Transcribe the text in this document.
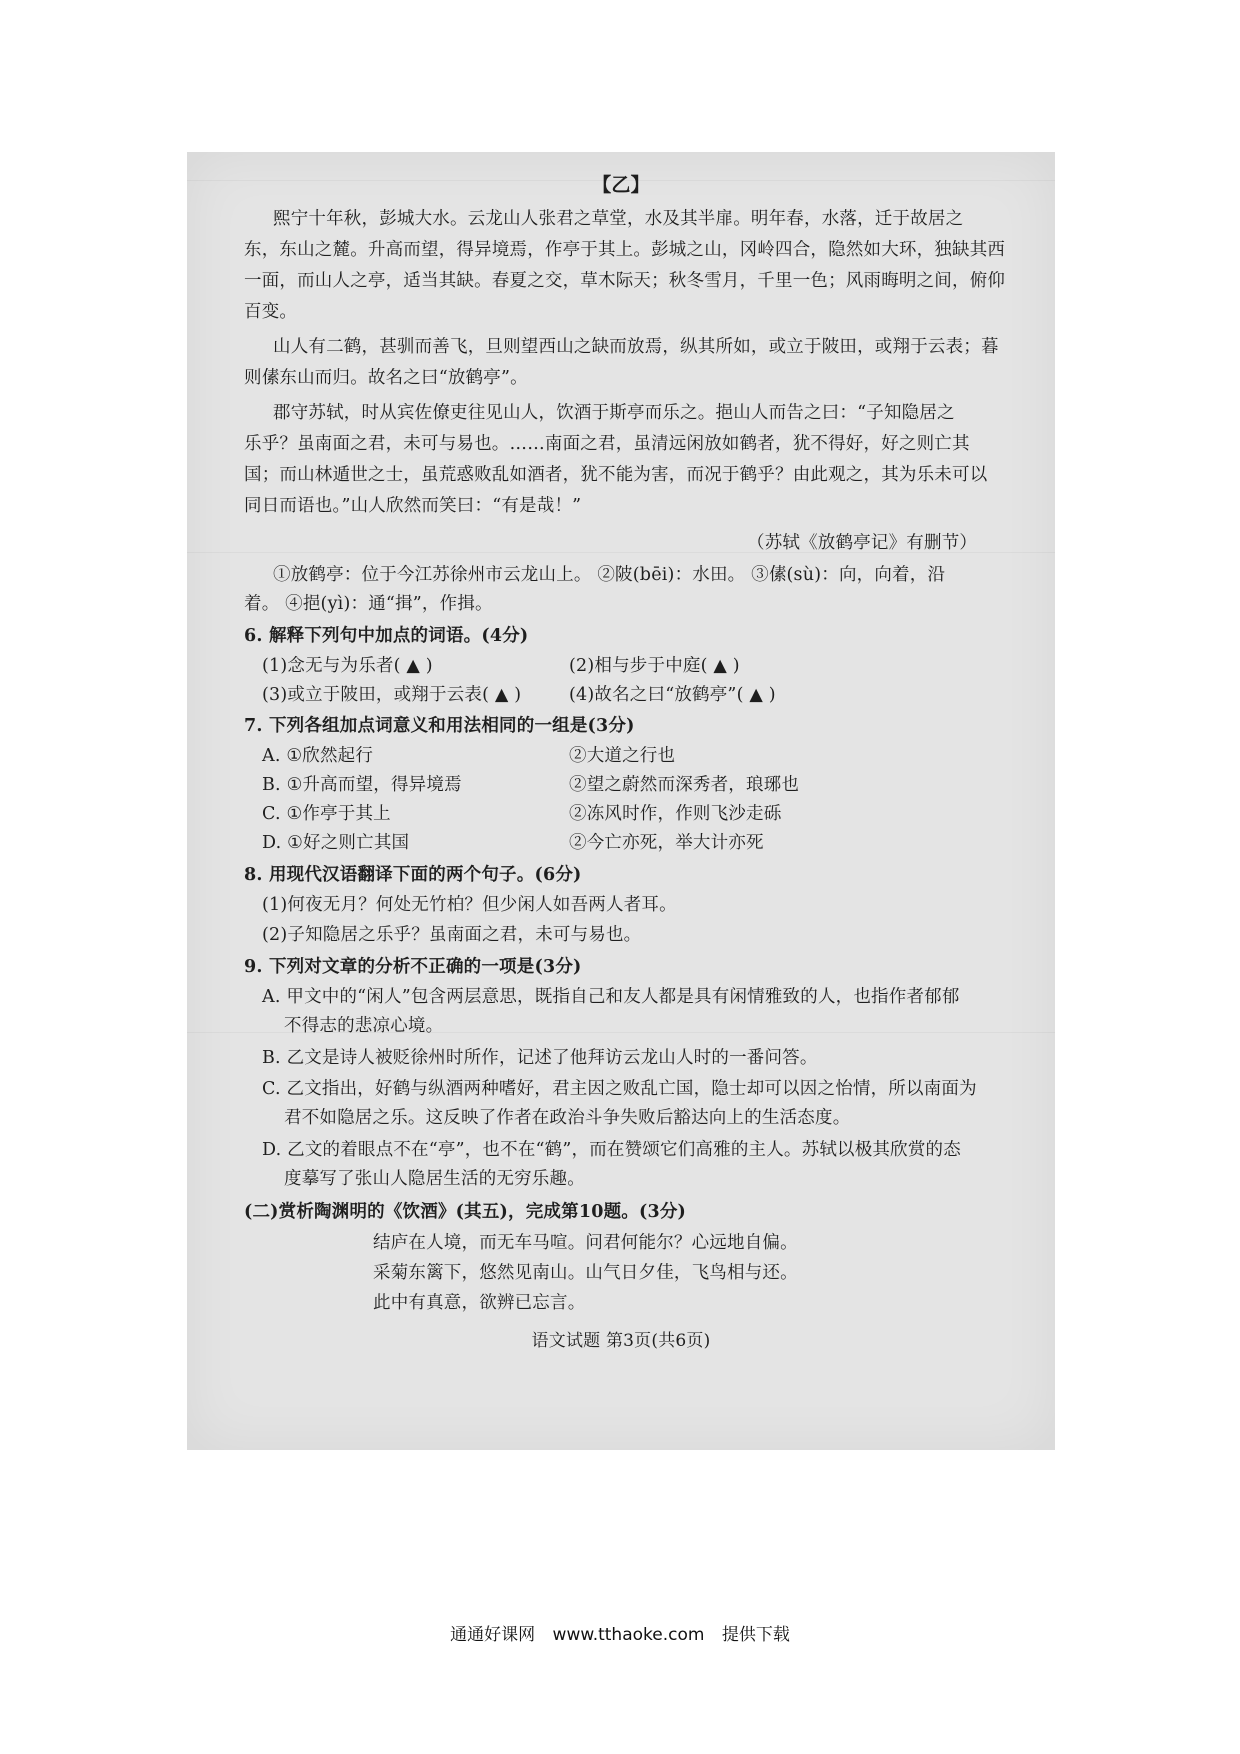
【乙】
熙宁十年秋，彭城大水。云龙山人张君之草堂，水及其半扉。明年春，水落，迁于故居之
东，东山之麓。升高而望，得异境焉，作亭于其上。彭城之山，冈岭四合，隐然如大环，独缺其西
一面，而山人之亭，适当其缺。春夏之交，草木际天；秋冬雪月，千里一色；风雨晦明之间，俯仰
百变。
山人有二鹤，甚驯而善飞，旦则望西山之缺而放焉，纵其所如，或立于陂田，或翔于云表；暮
则傃东山而归。故名之曰“放鹤亭”。
郡守苏轼，时从宾佐僚吏往见山人，饮酒于斯亭而乐之。挹山人而告之曰：“子知隐居之
乐乎？虽南面之君，未可与易也。……南面之君，虽清远闲放如鹤者，犹不得好，好之则亡其
国；而山林遁世之士，虽荒惑败乱如酒者，犹不能为害，而况于鹤乎？由此观之，其为乐未可以
同日而语也。”山人欣然而笑曰：“有是哉！”
（苏轼《放鹤亭记》有删节）
①放鹤亭：位于今江苏徐州市云龙山上。 ②陂(bēi)：水田。 ③傃(sù)：向，向着，沿
着。 ④挹(yì)：通“揖”，作揖。
6. 解释下列句中加点的词语。(4分)
(1)念无与为乐者( ▲ )	(2)相与步于中庭( ▲ )
(3)或立于陂田，或翔于云表( ▲ )	(4)故名之曰“放鹤亭”( ▲ )
7. 下列各组加点词意义和用法相同的一组是(3分)
A. ①欣然起行	②大道之行也
B. ①升高而望，得异境焉	②望之蔚然而深秀者，琅琊也
C. ①作亭于其上	②冻风时作，作则飞沙走砾
D. ①好之则亡其国	②今亡亦死，举大计亦死
8. 用现代汉语翻译下面的两个句子。(6分)
(1)何夜无月？何处无竹柏？但少闲人如吾两人者耳。
(2)子知隐居之乐乎？虽南面之君，未可与易也。
9. 下列对文章的分析不正确的一项是(3分)
A. 甲文中的“闲人”包含两层意思，既指自己和友人都是具有闲情雅致的人，也指作者郁郁
不得志的悲凉心境。
B. 乙文是诗人被贬徐州时所作，记述了他拜访云龙山人时的一番问答。
C. 乙文指出，好鹤与纵酒两种嗜好，君主因之败乱亡国，隐士却可以因之怡情，所以南面为
君不如隐居之乐。这反映了作者在政治斗争失败后豁达向上的生活态度。
D. 乙文的着眼点不在“亭”，也不在“鹤”，而在赞颂它们高雅的主人。苏轼以极其欣赏的态
度摹写了张山人隐居生活的无穷乐趣。
(二)赏析陶渊明的《饮酒》(其五)，完成第10题。(3分)
结庐在人境，而无车马喧。问君何能尔？心远地自偏。
采菊东篱下，悠然见南山。山气日夕佳，飞鸟相与还。
此中有真意，欲辨已忘言。
语文试题 第3页(共6页)
通通好课网 www.tthaoke.com 提供下载
